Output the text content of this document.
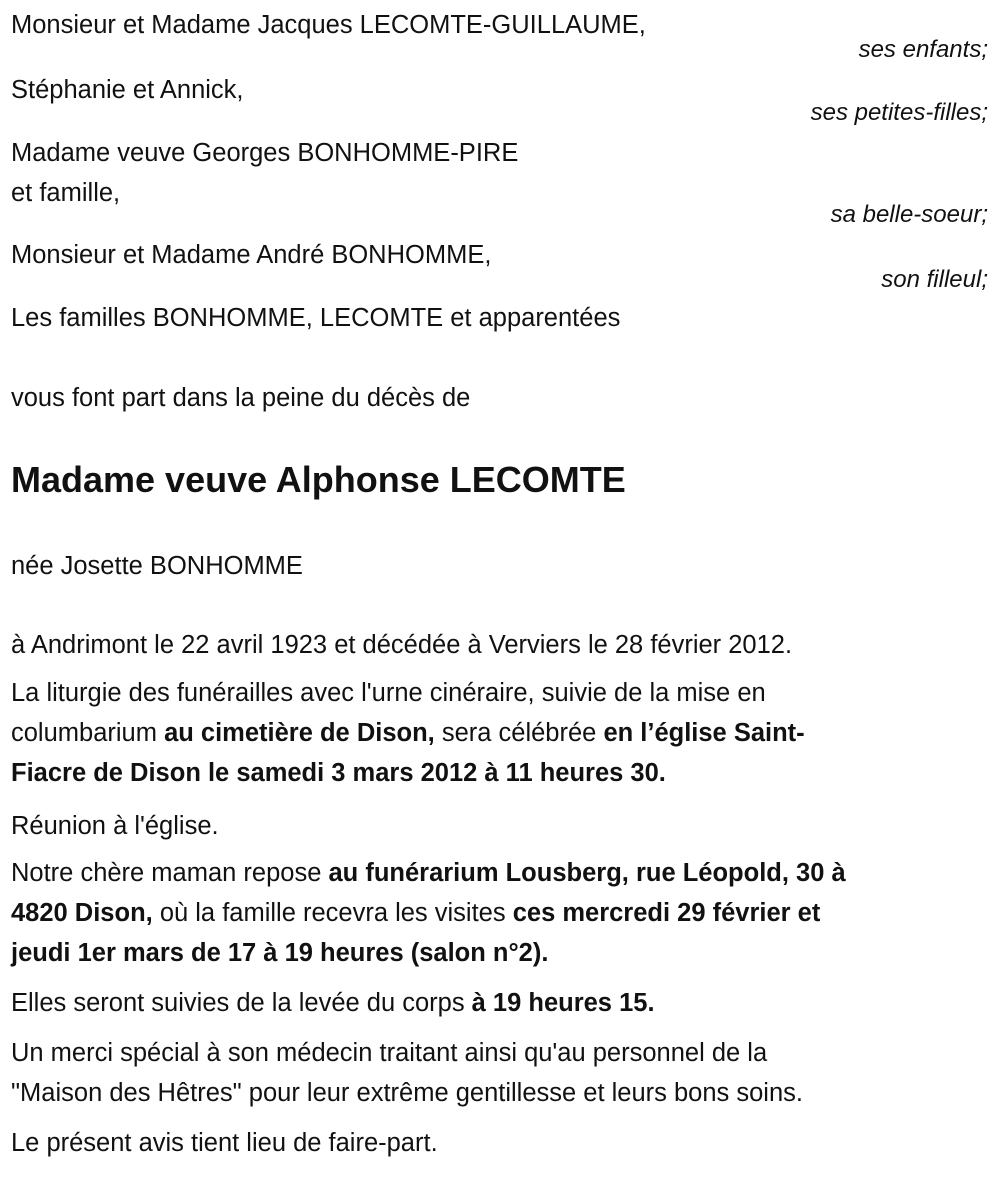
Monsieur et Madame Jacques LECOMTE-GUILLAUME,
ses enfants;
Stéphanie et Annick,
ses petites-filles;
Madame veuve Georges BONHOMME-PIRE
et famille,
sa belle-soeur;
Monsieur et Madame André BONHOMME,
son filleul;
Les familles BONHOMME, LECOMTE et apparentées
vous font part dans la peine du décès de
Madame veuve Alphonse LECOMTE
née Josette BONHOMME
à Andrimont le 22 avril 1923 et décédée à Verviers le 28 février 2012.
La liturgie des funérailles avec l'urne cinéraire, suivie de la mise en
columbarium au cimetière de Dison, sera célébrée en l’église Saint-
Fiacre de Dison le samedi 3 mars 2012 à 11 heures 30.
Réunion à l'église.
Notre chère maman repose au funérarium Lousberg, rue Léopold, 30 à
4820 Dison, où la famille recevra les visites ces mercredi 29 février et
jeudi 1er mars de 17 à 19 heures (salon n°2).
Elles seront suivies de la levée du corps à 19 heures 15.
Un merci spécial à son médecin traitant ainsi qu'au personnel de la
"Maison des Hêtres" pour leur extrême gentillesse et leurs bons soins.
Le présent avis tient lieu de faire-part.
